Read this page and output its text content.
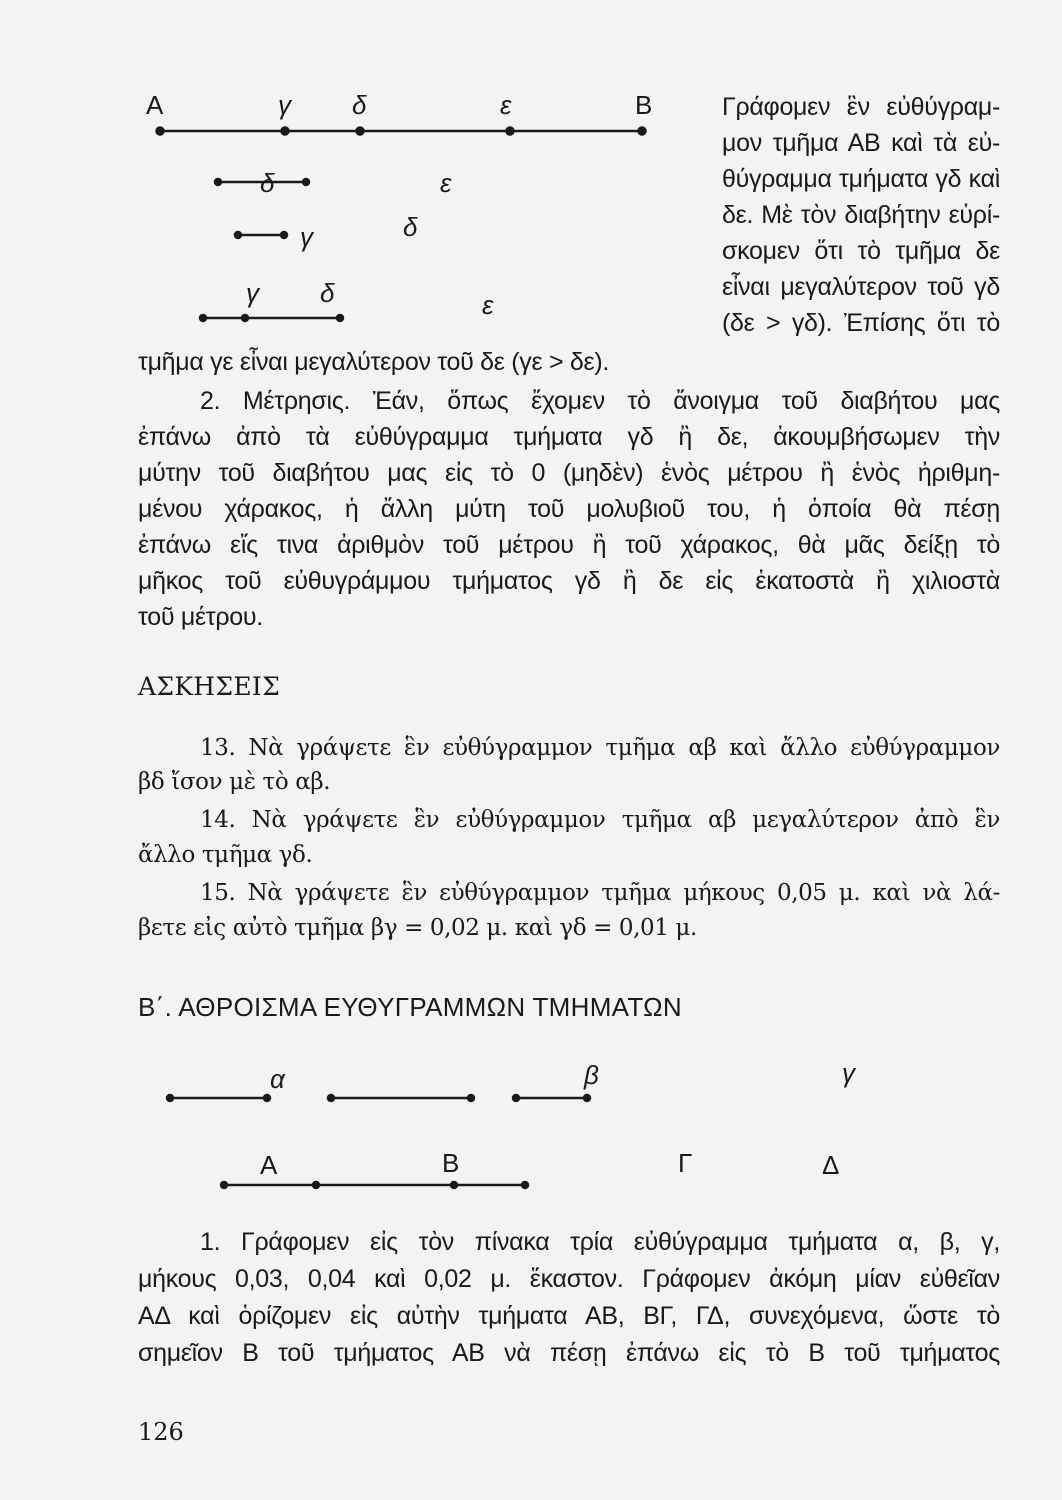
Α	γ δ	ε	Β
δ	ε
γ	δ
γ δ	ε
Γράφομεν ἓν εὐθύγραμ-
μον τμῆμα ΑΒ καὶ τὰ εὐ-
θύγραμμα τμήματα γδ καὶ
δε. Μὲ τὸν διαβήτην εὑρί-
σκομεν ὅτι τὸ τμῆμα δε
εἶναι μεγαλύτερον τοῦ γδ
(δε > γδ). Ἐπίσης ὅτι τὸ
τμῆμα γε εἶναι μεγαλύτερον τοῦ δε (γε > δε).
2. Μέτρησις. Ἐάν, ὅπως ἔχομεν τὸ ἄνοιγμα τοῦ διαβήτου μας
ἐπάνω ἀπὸ τὰ εὐθύγραμμα τμήματα γδ ἢ δε, ἀκουμβήσωμεν τὴν
μύτην τοῦ διαβήτου μας εἰς τὸ 0 (μηδὲν) ἑνὸς μέτρου ἢ ἑνὸς ἠριθμη-
μένου χάρακος, ἡ ἄλλη μύτη τοῦ μολυβιοῦ του, ἡ ὁποία θὰ πέσῃ
ἐπάνω εἴς τινα ἀριθμὸν τοῦ μέτρου ἢ τοῦ χάρακος, θὰ μᾶς δείξῃ τὸ
μῆκος τοῦ εὐθυγράμμου τμήματος γδ ἢ δε εἰς ἑκατοστὰ ἢ χιλιοστὰ
τοῦ μέτρου.
ΑΣΚΗΣΕΙΣ
13. Νὰ γράψετε ἓν εὐθύγραμμον τμῆμα αβ καὶ ἄλλο εὐθύγραμμον
βδ ἴσον μὲ τὸ αβ.
14. Νὰ γράψετε ἓν εὐθύγραμμον τμῆμα αβ μεγαλύτερον ἀπὸ ἓν
ἄλλο τμῆμα γδ.
15. Νὰ γράψετε ἓν εὐθύγραμμον τμῆμα μήκους 0,05 μ. καὶ νὰ λά-
βετε εἰς αὐτὸ τμῆμα βγ = 0,02 μ. καὶ γδ = 0,01 μ.
Β΄. ΑΘΡΟΙΣΜΑ ΕΥΘΥΓΡΑΜΜΩΝ ΤΜΗΜΑΤΩΝ
α	β	γ
Α	Β	Γ	Δ
1. Γράφομεν εἰς τὸν πίνακα τρία εὐθύγραμμα τμήματα α, β, γ,
μήκους 0,03, 0,04 καὶ 0,02 μ. ἕκαστον. Γράφομεν ἀκόμη μίαν εὐθεῖαν
ΑΔ καὶ ὁρίζομεν εἰς αὐτὴν τμήματα ΑΒ, ΒΓ, ΓΔ, συνεχόμενα, ὥστε τὸ
σημεῖον Β τοῦ τμήματος ΑΒ νὰ πέσῃ ἐπάνω εἰς τὸ Β τοῦ τμήματος
126
